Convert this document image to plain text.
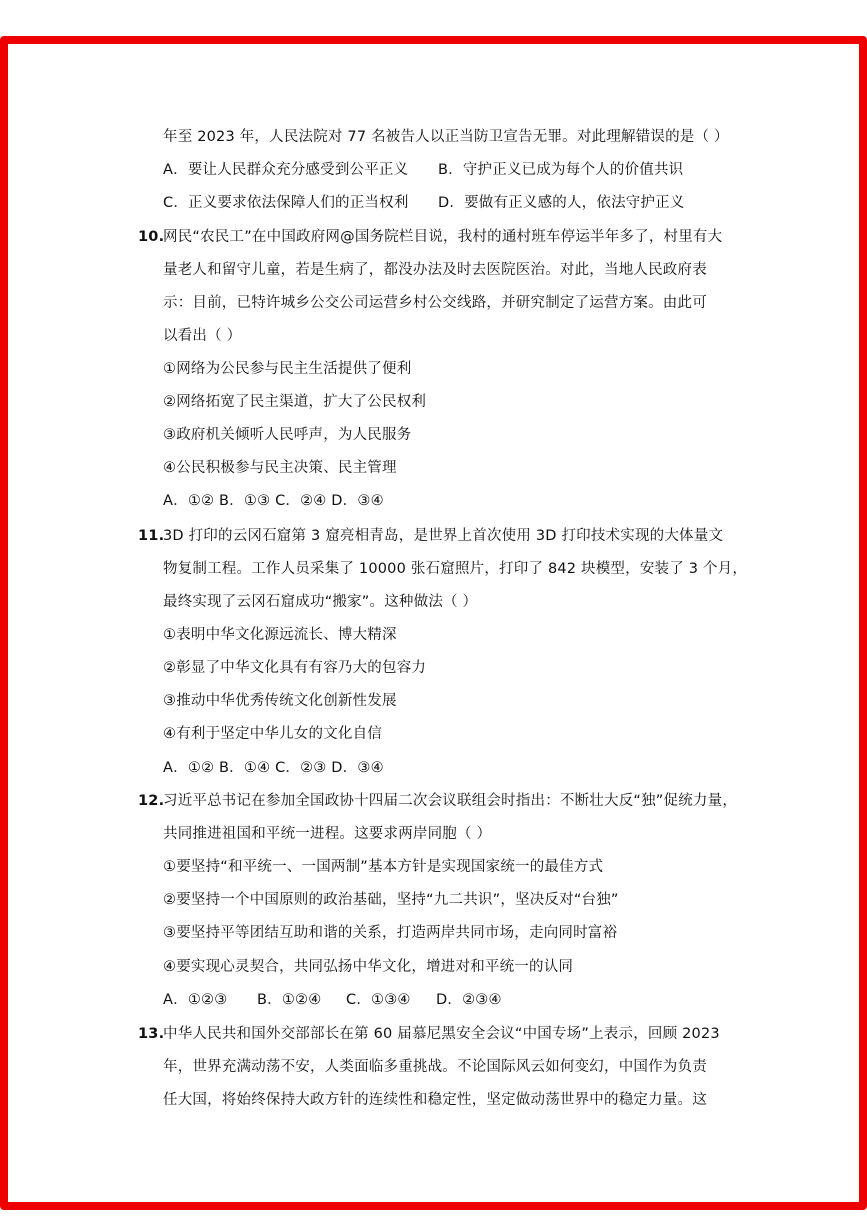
年至 2023 年，人民法院对 77 名被告人以正当防卫宣告无罪。对此理解错误的是（ ）
A．要让人民群众充分感受到公平正义 B．守护正义已成为每个人的价值共识
C．正义要求依法保障人们的正当权利 D．要做有正义感的人，依法守护正义
10.
网民“农民工”在中国政府网@国务院栏目说，我村的通村班车停运半年多了，村里有大
量老人和留守儿童，若是生病了，都没办法及时去医院医治。对此，当地人民政府表
示：目前，已特许城乡公交公司运营乡村公交线路，并研究制定了运营方案。由此可
以看出（ ）
①网络为公民参与民主生活提供了便利
②网络拓宽了民主渠道，扩大了公民权利
③政府机关倾听人民呼声，为人民服务
④公民积极参与民主决策、民主管理
A．①② B．①③ C．②④ D．③④
11.
3D 打印的云冈石窟第 3 窟亮相青岛，是世界上首次使用 3D 打印技术实现的大体量文
物复制工程。工作人员采集了 10000 张石窟照片，打印了 842 块模型，安装了 3 个月，
最终实现了云冈石窟成功“搬家”。这种做法（ ）
①表明中华文化源远流长、博大精深
②彰显了中华文化具有有容乃大的包容力
③推动中华优秀传统文化创新性发展
④有利于坚定中华儿女的文化自信
A．①② B．①④ C．②③ D．③④
12.
习近平总书记在参加全国政协十四届二次会议联组会时指出：不断壮大反“独”促统力量，
共同推进祖国和平统一进程。这要求两岸同胞（ ）
①要坚持“和平统一、一国两制”基本方针是实现国家统一的最佳方式
②要坚持一个中国原则的政治基础，坚持“九二共识”，坚决反对“台独”
③要坚持平等团结互助和谐的关系，打造两岸共同市场，走向同时富裕
④要实现心灵契合，共同弘扬中华文化，增进对和平统一的认同
A．①②③ B．①②④ C．①③④ D．②③④
13.
中华人民共和国外交部部长在第 60 届慕尼黑安全会议“中国专场”上表示，回顾 2023
年，世界充满动荡不安，人类面临多重挑战。不论国际风云如何变幻，中国作为负责
任大国，将始终保持大政方针的连续性和稳定性，坚定做动荡世界中的稳定力量。这
